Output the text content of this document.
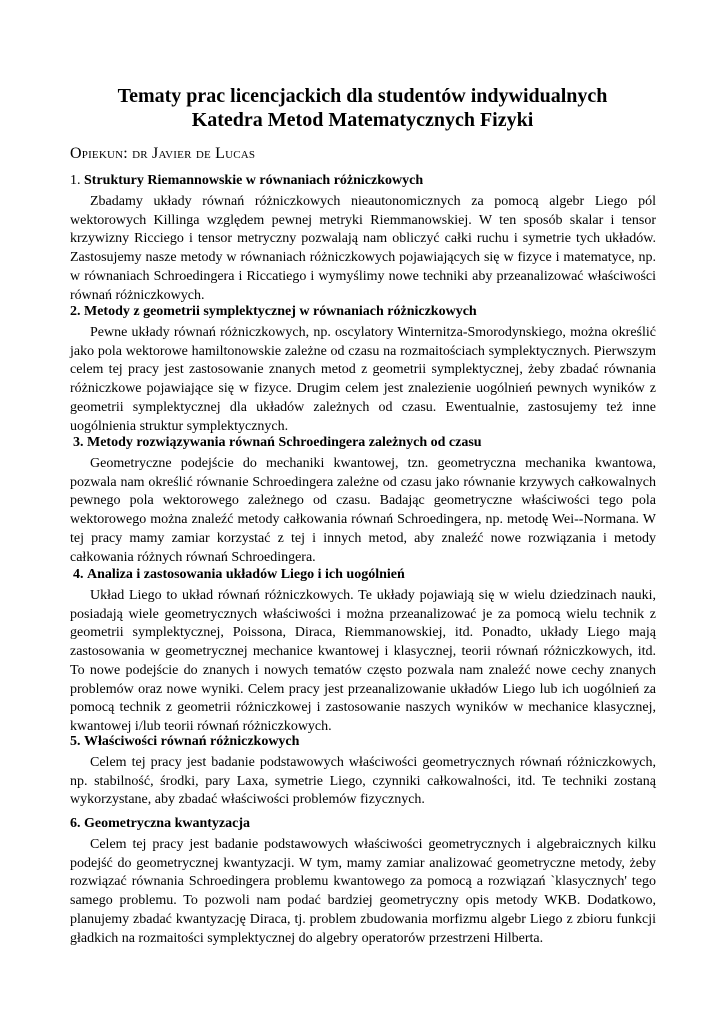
Tematy prac licencjackich dla studentów indywidualnych
Katedra Metod Matematycznych Fizyki
Opiekun: dr Javier de Lucas
1. Struktury Riemannowskie w równaniach różniczkowych

Zbadamy układy równań różniczkowych nieautonomicznych za pomocą algebr Liego pól wektorowych Killinga względem pewnej metryki Riemmanowskiej. W ten sposób skalar i tensor krzywizny Ricciego i tensor metryczny pozwalają nam obliczyć całki ruchu i symetrie tych układów. Zastosujemy nasze metody w równaniach różniczkowych pojawiających się w fizyce i matematyce, np. w równaniach Schroedingera i Riccatiego i wymyślimy nowe techniki aby przeanalizować właściwości równań różniczkowych.

2. Metody z geometrii symplektycznej w równaniach różniczkowych

Pewne układy równań różniczkowych, np. oscylatory Winternitza-Smorodynskiego, można określić jako pola wektorowe hamiltonowskie zależne od czasu na rozmaitościach symplektycznych. Pierwszym celem tej pracy jest zastosowanie znanych metod z geometrii symplektycznej, żeby zbadać równania różniczkowe pojawiające się w fizyce. Drugim celem jest znalezienie uogólnień pewnych wyników z geometrii symplektycznej dla układów zależnych od czasu. Ewentualnie, zastosujemy też inne uogólnienia struktur symplektycznych.

3. Metody rozwiązywania równań Schroedingera zależnych od czasu

Geometryczne podejście do mechaniki kwantowej, tzn. geometryczna mechanika kwantowa, pozwala nam określić równanie Schroedingera zależne od czasu jako równanie krzywych całkowalnych pewnego pola wektorowego zależnego od czasu. Badając geometryczne właściwości tego pola wektorowego można znaleźć metody całkowania równań Schroedingera, np. metodę Wei--Normana. W tej pracy mamy zamiar korzystać z tej i innych metod, aby znaleźć nowe rozwiązania i metody całkowania różnych równań Schroedingera.

4. Analiza i zastosowania układów Liego i ich uogólnień

Układ Liego to układ równań różniczkowych. Te układy pojawiają się w wielu dziedzinach nauki, posiadają wiele geometrycznych właściwości i można przeanalizować je za pomocą wielu technik z geometrii symplektycznej, Poissona, Diraca, Riemmanowskiej, itd. Ponadto, układy Liego mają zastosowania w geometrycznej mechanice kwantowej i klasycznej, teorii równań różniczkowych, itd. To nowe podejście do znanych i nowych tematów często pozwala nam znaleźć nowe cechy znanych problemów oraz nowe wyniki. Celem pracy jest przeanalizowanie układów Liego lub ich uogólnień za pomocą technik z geometrii różniczkowej i zastosowanie naszych wyników w mechanice klasycznej, kwantowej i/lub teorii równań różniczkowych.

5. Właściwości równań różniczkowych

Celem tej pracy jest badanie podstawowych właściwości geometrycznych równań różniczkowych, np. stabilność, środki, pary Laxa, symetrie Liego, czynniki całkowalności, itd. Te techniki zostaną wykorzystane, aby zbadać właściwości problemów fizycznych.

6. Geometryczna kwantyzacja

Celem tej pracy jest badanie podstawowych właściwości geometrycznych i algebraicznych kilku podejść do geometrycznej kwantyzacji. W tym, mamy zamiar analizować geometryczne metody, żeby rozwiązać równania Schroedingera problemu kwantowego za pomocą a rozwiązań `klasycznych' tego samego problemu. To pozwoli nam podać bardziej geometryczny opis metody WKB. Dodatkowo, planujemy zbadać kwantyzację Diraca, tj. problem zbudowania morfizmu algebr Liego z zbioru funkcji gładkich na rozmaitości symplektycznej do algebry operatorów przestrzeni Hilberta.
